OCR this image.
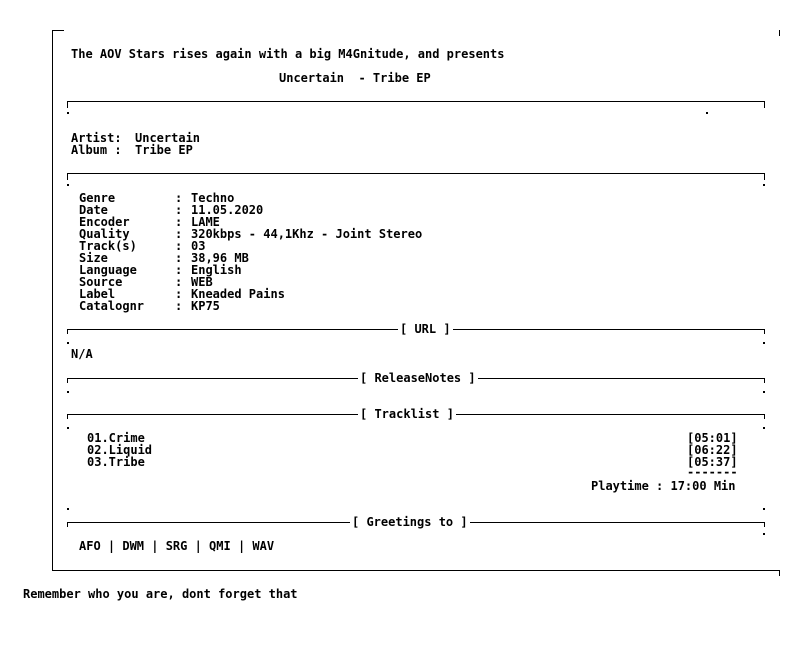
The AOV Stars rises again with a big M4Gnitude, and presents
Uncertain  - Tribe EP
Artist: Uncertain
Album : Tribe EP
Genre	: Techno
Date	: 11.05.2020
Encoder	: LAME
Quality	: 320kbps - 44,1Khz - Joint Stereo
Track(s)	: 03
Size	: 38,96 MB
Language	: English
Source	: WEB
Label	: Kneaded Pains
Catalognr	: KP75
[ URL ]
N/A
[ ReleaseNotes ]
[ Tracklist ]
01.Crime	[05:01]
02.Liquid	[06:22]
03.Tribe	[05:37]
-------
Playtime : 17:00 Min
[ Greetings to ]
AFO | DWM | SRG | QMI | WAV
Remember who you are, dont forget that
